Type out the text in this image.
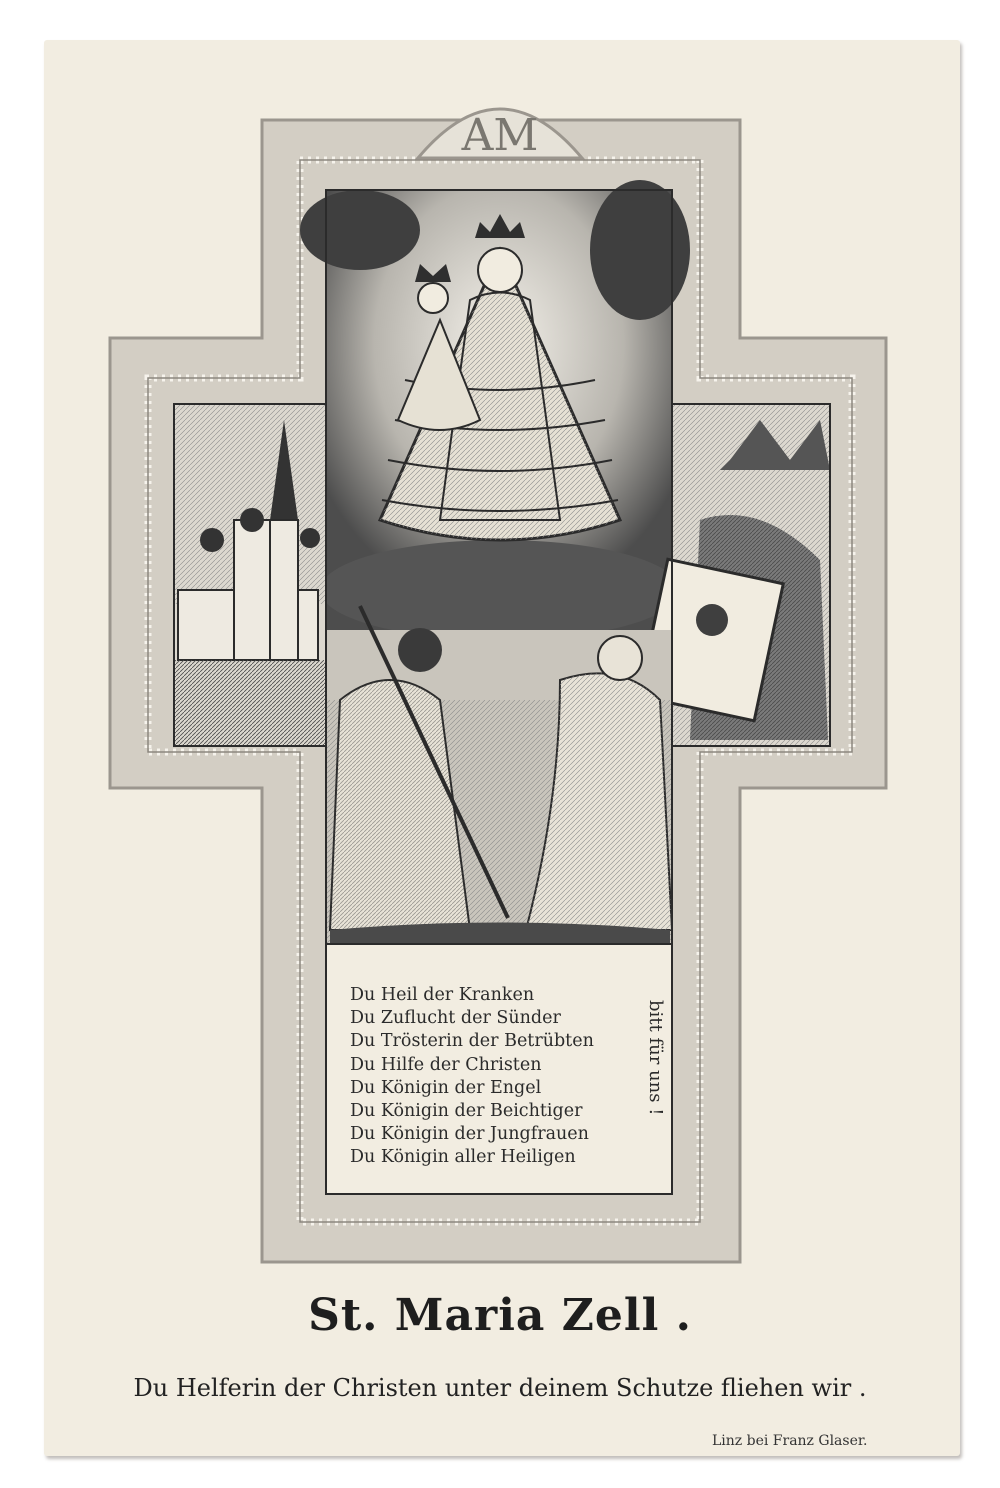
AM
Du Heil der Kranken
Du Zuflucht der Sünder
Du Trösterin der Betrübten
Du Hilfe der Christen
Du Königin der Engel
Du Königin der Beichtiger
Du Königin der Jungfrauen
Du Königin aller Heiligen
bitt für uns !
St. Maria Zell .
Du Helferin der Christen unter deinem Schutze fliehen wir .
Linz bei Franz Glaser.
